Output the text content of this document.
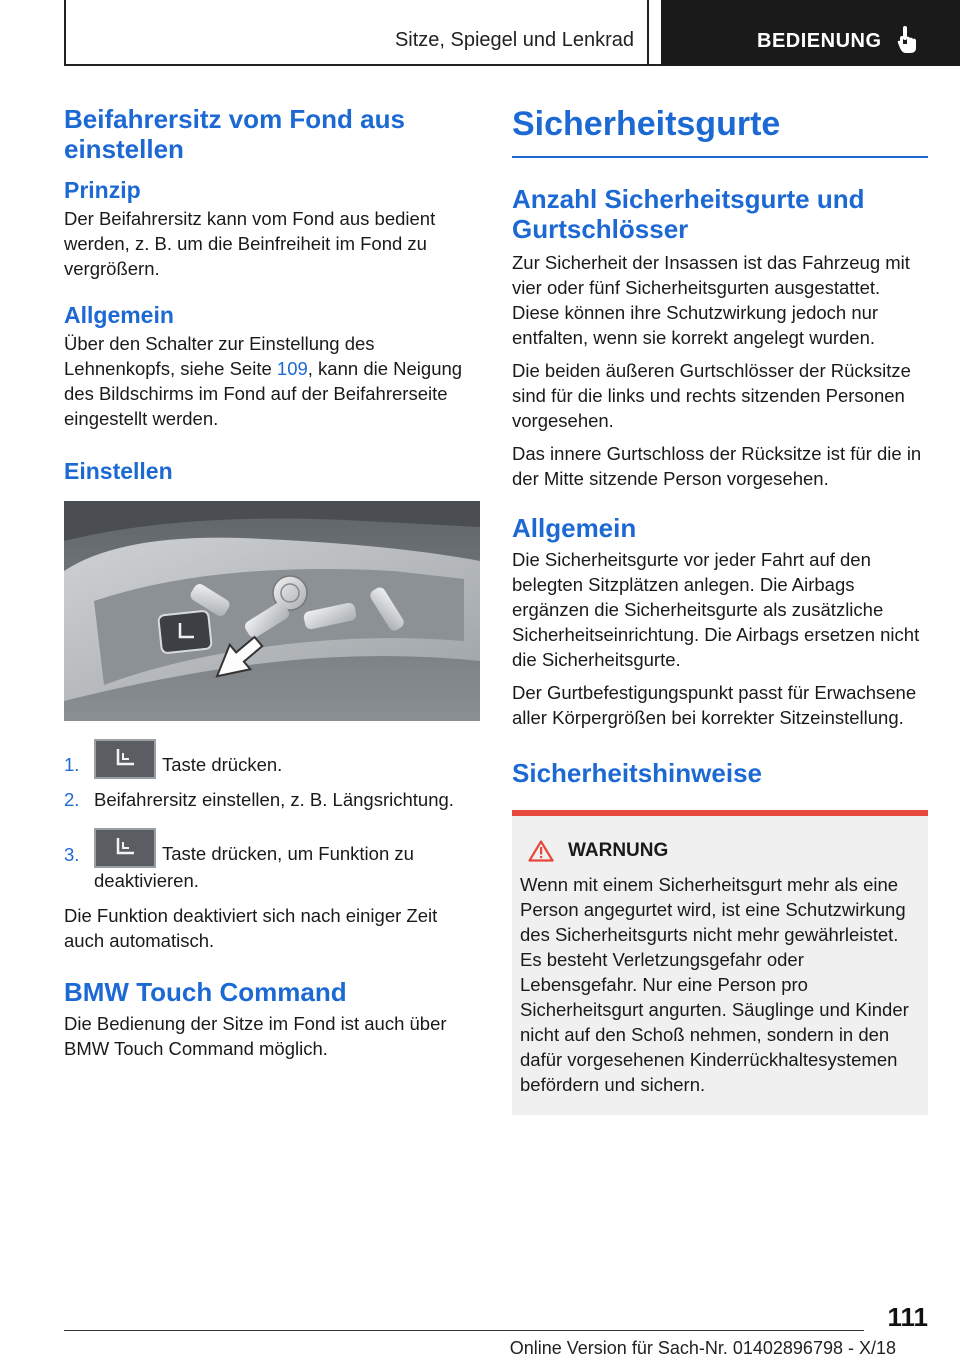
Sitze, Spiegel und Lenkrad	BEDIENUNG
Beifahrersitz vom Fond aus einstellen
Prinzip

Der Beifahrersitz kann vom Fond aus bedient werden, z. B. um die Beinfreiheit im Fond zu vergrößern.

Allgemein

Über den Schalter zur Einstellung des Lehnenkopfs, siehe Seite 109, kann die Neigung des Bildschirms im Fond auf der Beifahrerseite eingestellt werden.

Einstellen
1.	Taste drücken.
2. Beifahrersitz einstellen, z. B. Längsrichtung.
3.	Taste drücken, um Funktion zu deaktivieren.

Die Funktion deaktiviert sich nach einiger Zeit auch automatisch.

BMW Touch Command

Die Bedienung der Sitze im Fond ist auch über BMW Touch Command möglich.

Sicherheitsgurte
Anzahl Sicherheitsgurte und Gurtschlösser

Zur Sicherheit der Insassen ist das Fahrzeug mit vier oder fünf Sicherheitsgurten ausgestattet. Diese können ihre Schutzwirkung jedoch nur entfalten, wenn sie korrekt angelegt wurden.

Die beiden äußeren Gurtschlösser der Rücksitze sind für die links und rechts sitzenden Personen vorgesehen.

Das innere Gurtschloss der Rücksitze ist für die in der Mitte sitzende Person vorgesehen.

Allgemein

Die Sicherheitsgurte vor jeder Fahrt auf den belegten Sitzplätzen anlegen. Die Airbags ergänzen die Sicherheitsgurte als zusätzliche Sicherheitseinrichtung. Die Airbags ersetzen nicht die Sicherheitsgurte.

Der Gurtbefestigungspunkt passt für Erwachsene aller Körpergrößen bei korrekter Sitzeinstellung.

Sicherheitshinweise
WARNUNG

Wenn mit einem Sicherheitsgurt mehr als eine Person angegurtet wird, ist eine Schutzwirkung des Sicherheitsgurts nicht mehr gewährleistet. Es besteht Verletzungsgefahr oder Lebensgefahr. Nur eine Person pro Sicherheitsgurt angurten. Säuglinge und Kinder nicht auf den Schoß nehmen, sondern in den dafür vorgesehenen Kinderrückhaltesystemen befördern und sichern.

111
Online Version für Sach-Nr. 01402896798 - X/18
